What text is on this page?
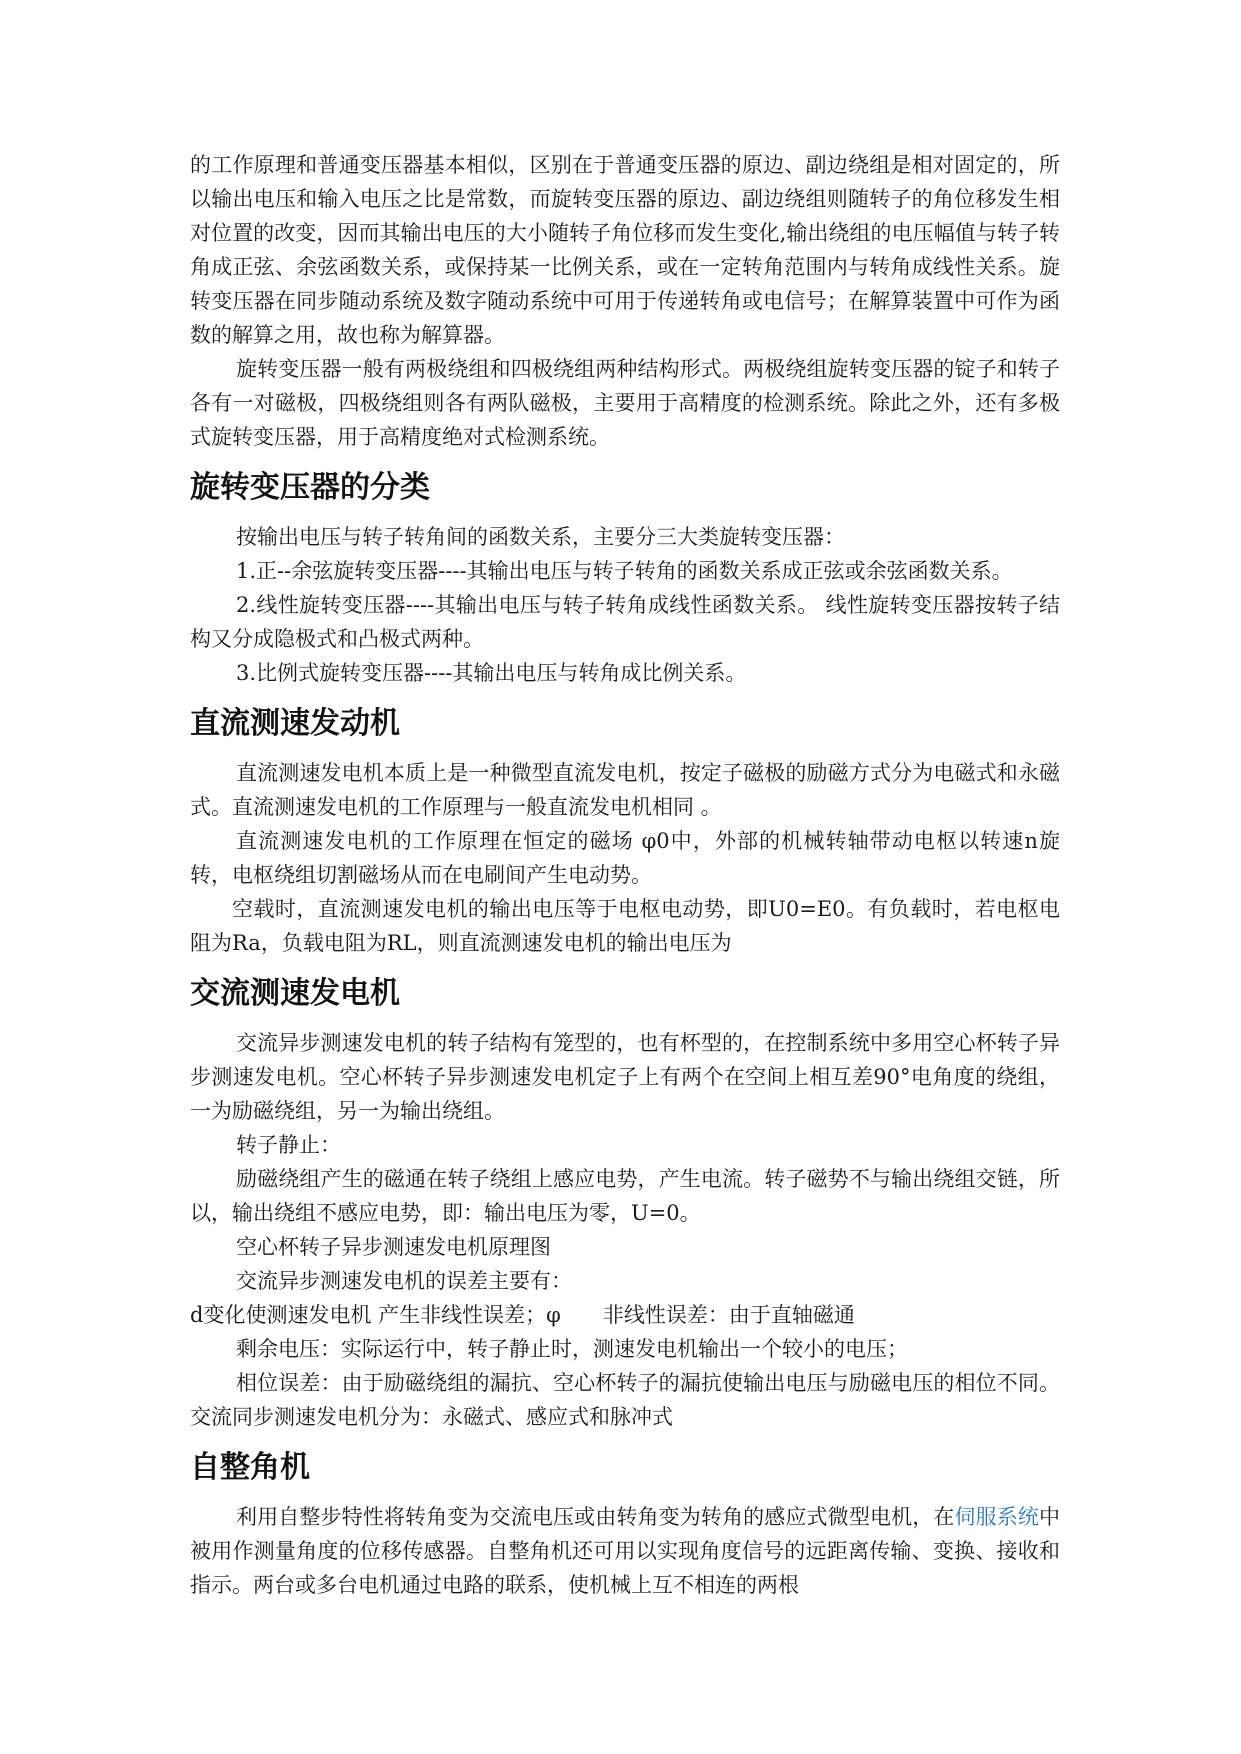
的工作原理和普通变压器基本相似，区别在于普通变压器的原边、副边绕组是相对固定的，所以输出电压和输入电压之比是常数，而旋转变压器的原边、副边绕组则随转子的角位移发生相对位置的改变，因而其输出电压的大小随转子角位移而发生变化,输出绕组的电压幅值与转子转角成正弦、余弦函数关系，或保持某一比例关系，或在一定转角范围内与转角成线性关系。旋转变压器在同步随动系统及数字随动系统中可用于传递转角或电信号；在解算装置中可作为函数的解算之用，故也称为解算器。

旋转变压器一般有两极绕组和四极绕组两种结构形式。两极绕组旋转变压器的锭子和转子各有一对磁极，四极绕组则各有两队磁极，主要用于高精度的检测系统。除此之外，还有多极式旋转变压器，用于高精度绝对式检测系统。

旋转变压器的分类

按输出电压与转子转角间的函数关系，主要分三大类旋转变压器：

1.正--余弦旋转变压器----其输出电压与转子转角的函数关系成正弦或余弦函数关系。

2.线性旋转变压器----其输出电压与转子转角成线性函数关系。 线性旋转变压器按转子结构又分成隐极式和凸极式两种。

3.比例式旋转变压器----其输出电压与转角成比例关系。

直流测速发动机

直流测速发电机本质上是一种微型直流发电机，按定子磁极的励磁方式分为电磁式和永磁式。直流测速发电机的工作原理与一般直流发电机相同 。

直流测速发电机的工作原理在恒定的磁场 φ0中，外部的机械转轴带动电枢以转速n旋转，电枢绕组切割磁场从而在电刷间产生电动势。

空载时，直流测速发电机的输出电压等于电枢电动势，即U0=E0。有负载时，若电枢电阻为Ra，负载电阻为RL，则直流测速发电机的输出电压为

交流测速发电机

交流异步测速发电机的转子结构有笼型的，也有杯型的，在控制系统中多用空心杯转子异步测速发电机。空心杯转子异步测速发电机定子上有两个在空间上相互差90°电角度的绕组，一为励磁绕组，另一为输出绕组。

转子静止：

励磁绕组产生的磁通在转子绕组上感应电势，产生电流。转子磁势不与输出绕组交链，所以，输出绕组不感应电势，即：输出电压为零，U=0。

空心杯转子异步测速发电机原理图

交流异步测速发电机的误差主要有：

d变化使测速发电机 产生非线性误差；φ　　非线性误差：由于直轴磁通

剩余电压：实际运行中，转子静止时，测速发电机输出一个较小的电压；

相位误差：由于励磁绕组的漏抗、空心杯转子的漏抗使输出电压与励磁电压的相位不同。交流同步测速发电机分为：永磁式、感应式和脉冲式

自整角机

利用自整步特性将转角变为交流电压或由转角变为转角的感应式微型电机，在伺服系统中被用作测量角度的位移传感器。自整角机还可用以实现角度信号的远距离传输、变换、接收和指示。两台或多台电机通过电路的联系，使机械上互不相连的两根
